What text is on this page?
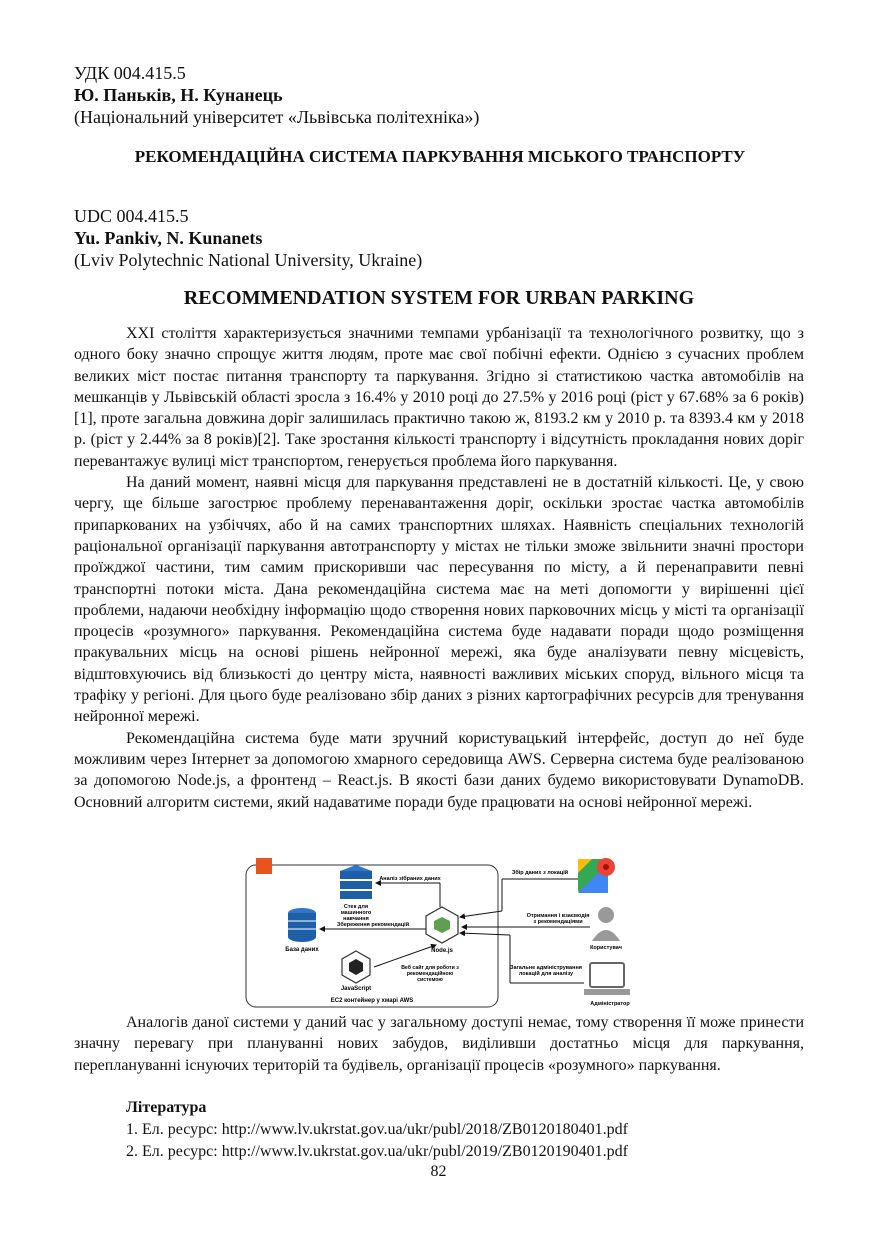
УДК 004.415.5
Ю. Паньків, Н. Кунанець
(Національний університет «Львівська політехніка»)
РЕКОМЕНДАЦІЙНА СИСТЕМА ПАРКУВАННЯ МІСЬКОГО ТРАНСПОРТУ
UDC 004.415.5
Yu. Pankiv, N. Kunanets
(Lviv Polytechnic National University, Ukraine)
RECOMMENDATION SYSTEM FOR URBAN PARKING

XXI століття характеризується значними темпами урбанізації та технологічного розвитку, що з одного боку значно спрощує життя людям, проте має свої побічні ефекти. Однією з сучасних проблем великих міст постає питання транспорту та паркування. Згідно зі статистикою частка автомобілів на мешканців у Львівській області зросла з 16.4% у 2010 році до 27.5% у 2016 році (ріст у 67.68% за 6 років)[1], проте загальна довжина доріг залишилась практично такою ж, 8193.2 км у 2010 р. та 8393.4 км у 2018 р. (ріст у 2.44% за 8 років)[2]. Таке зростання кількості транспорту і відсутність прокладання нових доріг перевантажує вулиці міст транспортом, генерується проблема його паркування.

На даний момент, наявні місця для паркування представлені не в достатній кількості. Це, у свою чергу, ще більше загострює проблему перенавантаження доріг, оскільки зростає частка автомобілів припаркованих на узбіччях, або й на самих транспортних шляхах. Наявність спеціальних технологій раціональної організації паркування автотранспорту у містах не тільки зможе звільнити значні простори проїжджої частини, тим самим прискоривши час пересування по місту, а й перенаправити певні транспортні потоки міста. Дана рекомендаційна система має на меті допомогти у вирішенні цієї проблеми, надаючи необхідну інформацію щодо створення нових парковочних місць у місті та організації процесів «розумного» паркування. Рекомендаційна система буде надавати поради щодо розміщення пракувальних місць на основі рішень нейронної мережі, яка буде аналізувати певну місцевість, відштовхуючись від близькості до центру міста, наявності важливих міських споруд, вільного місця та трафіку у регіоні. Для цього буде реалізовано збір даних з різних картографічних ресурсів для тренування нейронної мережі.

Рекомендаційна система буде мати зручний користувацький інтерфейс, доступ до неї буде можливим через Інтернет за допомогою хмарного середовища AWS. Серверна система буде реалізованою за допомогою Node.js, а фронтенд – React.js. В якості бази даних будемо використовувати DynamoDB. Основний алгоритм системи, який надаватиме поради буде працювати на основі нейронної мережі.

Стек для машинного навчання
База даних	Node.js
JavaScript
Аналіз зібраних даних
Збереження рекомендацій
Веб сайт для роботи з рекомендаційною системою
EC2 контейнер у хмарі AWS
Збір даних з локацій
Користувач
Отримання і взаємодія з рекомендаціями
Адміністратор
Загальне адміністрування локацій для аналізу

Аналогів даної системи у даний час у загальному доступі немає, тому створення її може принести значну перевагу при плануванні нових забудов, виділивши достатньо місця для паркування, переплануванні існуючих територій та будівель, організації процесів «розумного» паркування.

Література
1. Ел. ресурс: http://www.lv.ukrstat.gov.ua/ukr/publ/2018/ZB0120180401.pdf
2. Ел. ресурс: http://www.lv.ukrstat.gov.ua/ukr/publ/2019/ZB0120190401.pdf
82
